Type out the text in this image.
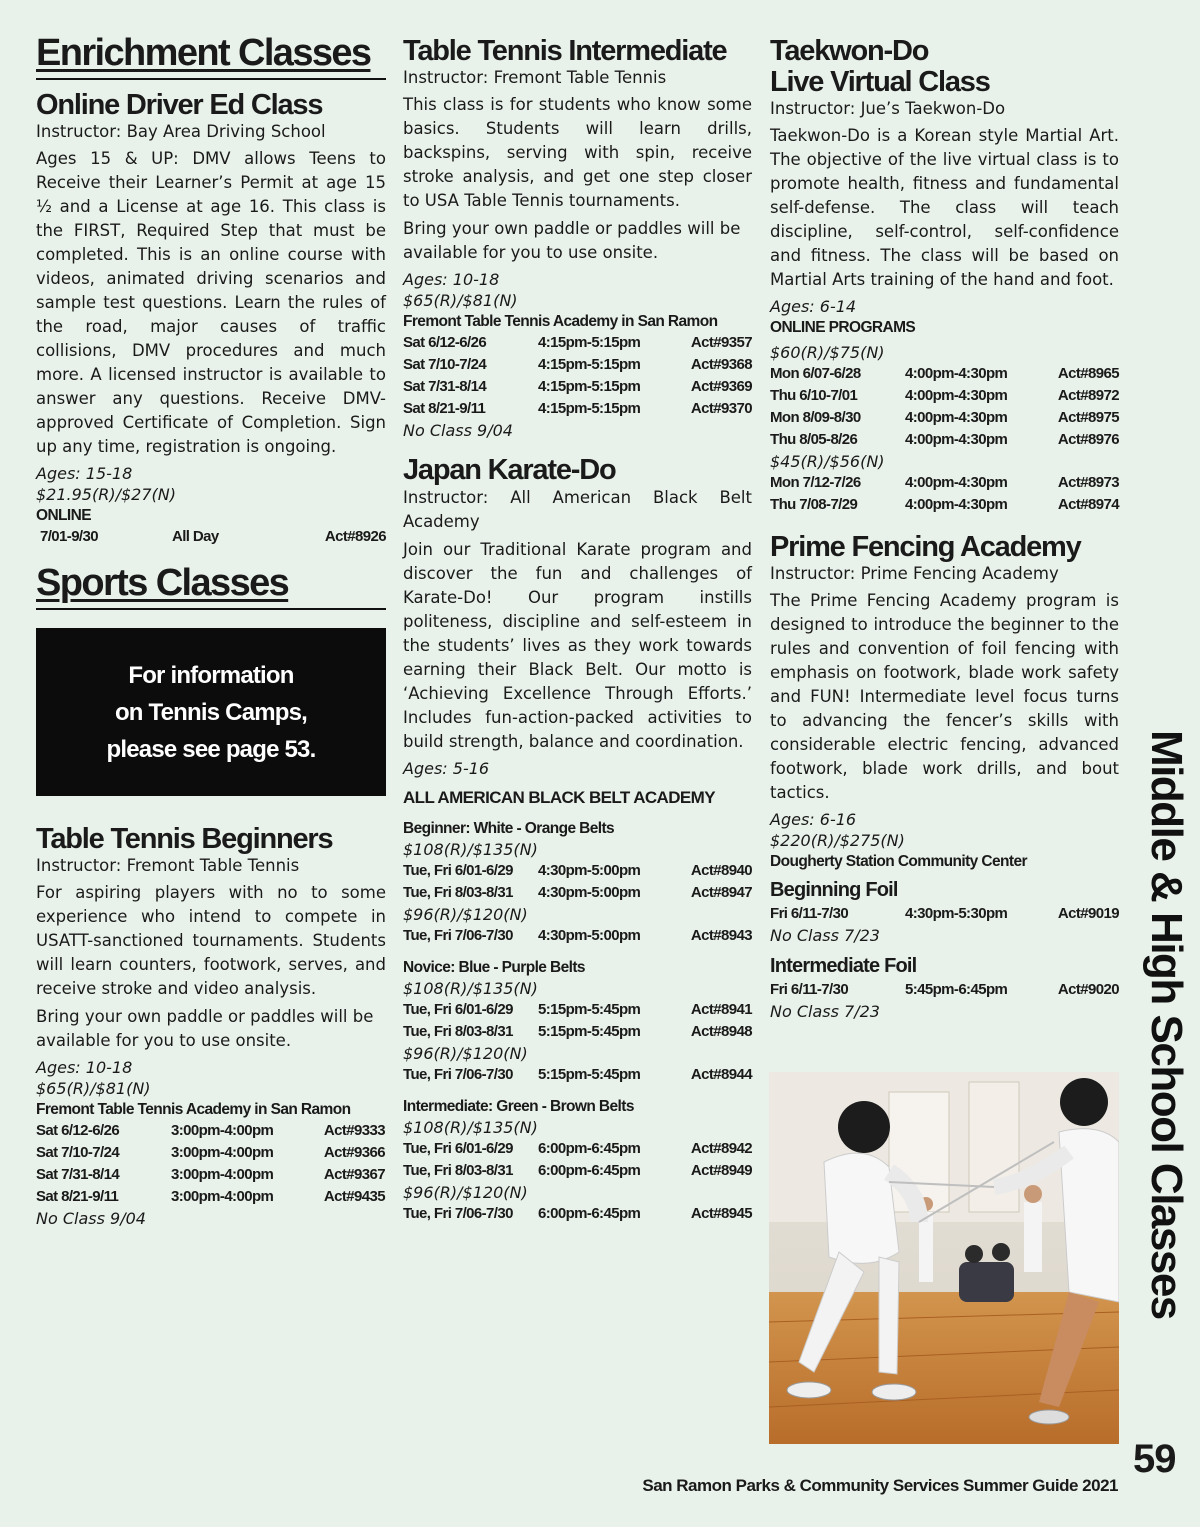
Enrichment Classes
Online Driver Ed Class

Instructor: Bay Area Driving School

Ages 15 & UP: DMV allows Teens to Receive their Learner’s Permit at age 15 ½ and a License at age 16. This class is the FIRST, Required Step that must be completed. This is an online course with videos, animated driving scenarios and sample test questions. Learn the rules of the road, major causes of traffic collisions, DMV procedures and much more. A licensed instructor is available to answer any questions. Receive DMV-approved Certificate of Completion. Sign up any time, registration is ongoing.

Ages: 15-18

$21.95(R)/$27(N)

ONLINE

7/01-9/30	All Day	Act#8926
Sports Classes
For information
on Tennis Camps,
please see page 53.
Table Tennis Beginners

Instructor: Fremont Table Tennis

For aspiring players with no to some experience who intend to compete in USATT-sanctioned tournaments. Students will learn counters, footwork, serves, and receive stroke and video analysis.

Bring your own paddle or paddles will be available for you to use onsite.

Ages: 10-18

$65(R)/$81(N)

Fremont Table Tennis Academy in San Ramon

Sat 6/12-6/26	3:00pm-4:00pm	Act#9333
Sat 7/10-7/24	3:00pm-4:00pm	Act#9366
Sat 7/31-8/14	3:00pm-4:00pm	Act#9367
Sat 8/21-9/11	3:00pm-4:00pm	Act#9435

No Class 9/04

Table Tennis Intermediate

Instructor: Fremont Table Tennis

This class is for students who know some basics. Students will learn drills, backspins, serving with spin, receive stroke analysis, and get one step closer to USA Table Tennis tournaments.

Bring your own paddle or paddles will be available for you to use onsite.

Ages: 10-18

$65(R)/$81(N)

Fremont Table Tennis Academy in San Ramon

Sat 6/12-6/26	4:15pm-5:15pm	Act#9357
Sat 7/10-7/24	4:15pm-5:15pm	Act#9368
Sat 7/31-8/14	4:15pm-5:15pm	Act#9369
Sat 8/21-9/11	4:15pm-5:15pm	Act#9370

No Class 9/04

Japan Karate-Do

Instructor: All American Black Belt Academy

Join our Traditional Karate program and discover the fun and challenges of Karate-Do! Our program instills politeness, discipline and self-esteem in the students’ lives as they work towards earning their Black Belt. Our motto is ‘Achieving Excellence Through Efforts.’ Includes fun-action-packed activities to build strength, balance and coordination.

Ages: 5-16

ALL AMERICAN BLACK BELT ACADEMY

Beginner: White - Orange Belts

$108(R)/$135(N)

Tue, Fri 6/01-6/29	4:30pm-5:00pm	Act#8940
Tue, Fri 8/03-8/31	4:30pm-5:00pm	Act#8947

$96(R)/$120(N)

Tue, Fri 7/06-7/30	4:30pm-5:00pm	Act#8943

Novice: Blue - Purple Belts

$108(R)/$135(N)

Tue, Fri 6/01-6/29	5:15pm-5:45pm	Act#8941
Tue, Fri 8/03-8/31	5:15pm-5:45pm	Act#8948

$96(R)/$120(N)

Tue, Fri 7/06-7/30	5:15pm-5:45pm	Act#8944

Intermediate: Green - Brown Belts

$108(R)/$135(N)

Tue, Fri 6/01-6/29	6:00pm-6:45pm	Act#8942
Tue, Fri 8/03-8/31	6:00pm-6:45pm	Act#8949

$96(R)/$120(N)

Tue, Fri 7/06-7/30	6:00pm-6:45pm	Act#8945
Taekwon-Do
Live Virtual Class

Instructor: Jue’s Taekwon-Do

Taekwon-Do is a Korean style Martial Art. The objective of the live virtual class is to promote health, fitness and fundamental self-defense. The class will teach discipline, self-control, self-confidence and fitness. The class will be based on Martial Arts training of the hand and foot.

Ages: 6-14

ONLINE PROGRAMS

$60(R)/$75(N)

Mon 6/07-6/28	4:00pm-4:30pm	Act#8965
Thu 6/10-7/01	4:00pm-4:30pm	Act#8972
Mon 8/09-8/30	4:00pm-4:30pm	Act#8975
Thu 8/05-8/26	4:00pm-4:30pm	Act#8976

$45(R)/$56(N)

Mon 7/12-7/26	4:00pm-4:30pm	Act#8973
Thu 7/08-7/29	4:00pm-4:30pm	Act#8974
Prime Fencing Academy

Instructor: Prime Fencing Academy

The Prime Fencing Academy program is designed to introduce the beginner to the rules and convention of foil fencing with emphasis on footwork, blade work safety and FUN! Intermediate level focus turns to advancing the fencer’s skills with considerable electric fencing, advanced footwork, blade work drills, and bout tactics.

Ages: 6-16

$220(R)/$275(N)

Dougherty Station Community Center

Beginning Foil

Fri 6/11-7/30	4:30pm-5:30pm	Act#9019

No Class 7/23

Intermediate Foil

Fri 6/11-7/30	5:45pm-6:45pm	Act#9020

No Class 7/23	Middle & High School Classes
59
San Ramon Parks & Community Services Summer Guide 2021
